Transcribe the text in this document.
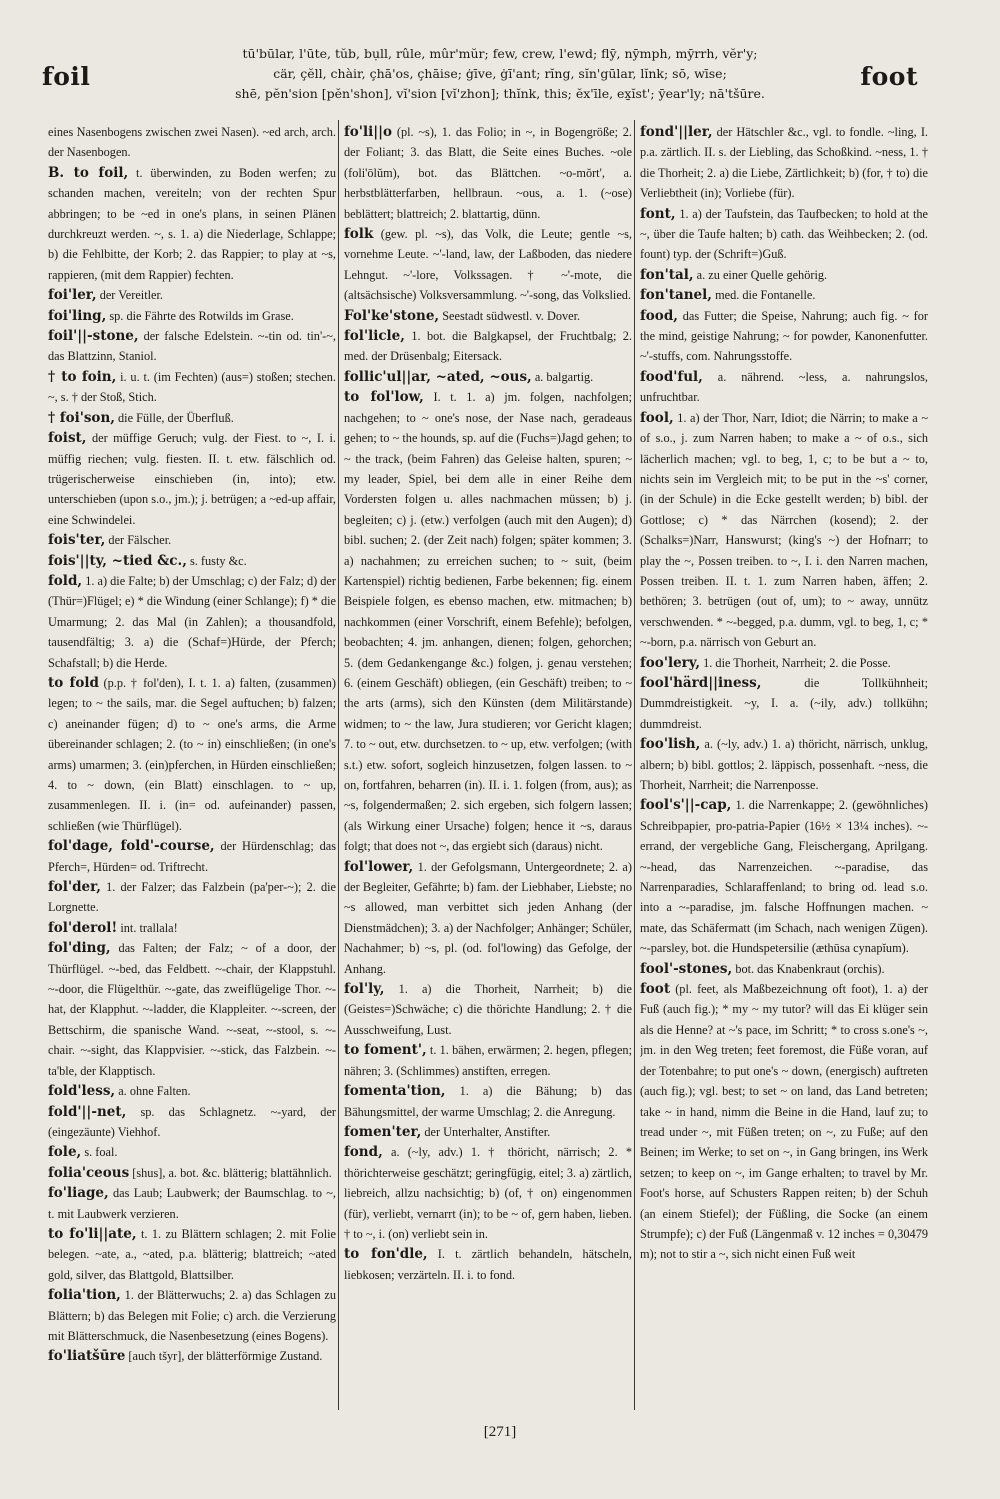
foil
tū'būlar, l'ūte, tŭb, bụll, rûle, mûr'mŭr; few, crew, l'ewd; flȳ, nȳmph, mȳrrh, vĕr'y;
cär, çĕll, chàir, çhā'os, çhāise; ġīve, ġī'ant; rĭng, sĭn'gūlar, lĭnk; sō, wīse;
shē, pĕn'sion [pĕn'shon], vĭ'sion [vĭ'zhon]; thĭnk, this; ĕx'īle, ex̱ĭst'; ȳear'ly; nā'tšūre.
foot

eines Nasenbogens zwischen zwei Nasen). ~ed arch, arch. der Nasenbogen.

B. to foil, t. überwinden, zu Boden werfen; zu schanden machen, vereiteln; von der rechten Spur abbringen; to be ~ed in one's plans, in seinen Plänen durchkreuzt werden. ~, s. 1. a) die Niederlage, Schlappe; b) die Fehlbitte, der Korb; 2. das Rappier; to play at ~s, rappieren, (mit dem Rappier) fechten.

foi'ler, der Vereitler.

foi'ling, sp. die Fährte des Rotwilds im Grase.

foil'||-stone, der falsche Edelstein. ~-tin od. tin'-~, das Blattzinn, Staniol.

† to foin, i. u. t. (im Fechten) (aus=) stoßen; stechen. ~, s. † der Stoß, Stich.

† foi'son, die Fülle, der Überfluß.

foist, der müffige Geruch; vulg. der Fiest. to ~, I. i. müffig riechen; vulg. fiesten. II. t. etw. fälschlich od. trügerischerweise einschieben (in, into); etw. unterschieben (upon s.o., jm.); j. betrügen; a ~ed-up affair, eine Schwindelei.

fois'ter, der Fälscher.

fois'||ty, ~tied &c., s. fusty &c.

fold, 1. a) die Falte; b) der Umschlag; c) der Falz; d) der (Thür=)Flügel; e) * die Windung (einer Schlange); f) * die Umarmung; 2. das Mal (in Zahlen); a thousandfold, tausendfältig; 3. a) die (Schaf=)Hürde, der Pferch; Schafstall; b) die Herde.

to fold (p.p. † fol'den), I. t. 1. a) falten, (zusammen) legen; to ~ the sails, mar. die Segel auftuchen; b) falzen; c) aneinander fügen; d) to ~ one's arms, die Arme übereinander schlagen; 2. (to ~ in) einschließen; (in one's arms) umarmen; 3. (ein)pferchen, in Hürden einschließen; 4. to ~ down, (ein Blatt) einschlagen. to ~ up, zusammenlegen. II. i. (in= od. aufeinander) passen, schließen (wie Thürflügel).

fol'dage, fold'-course, der Hürdenschlag; das Pferch=, Hürden= od. Triftrecht.

fol'der, 1. der Falzer; das Falzbein (pa'per-~); 2. die Lorgnette.

fol'derol! int. trallala!

fol'ding, das Falten; der Falz; ~ of a door, der Thürflügel. ~-bed, das Feldbett. ~-chair, der Klappstuhl. ~-door, die Flügelthür. ~-gate, das zweiflügelige Thor. ~-hat, der Klapphut. ~-ladder, die Klappleiter. ~-screen, der Bettschirm, die spanische Wand. ~-seat, ~-stool, s. ~-chair. ~-sight, das Klappvisier. ~-stick, das Falzbein. ~-ta'ble, der Klapptisch.

fold'less, a. ohne Falten.

fold'||-net, sp. das Schlagnetz. ~-yard, der (eingezäunte) Viehhof.

fole, s. foal.

folia'ceous [shus], a. bot. &c. blätterig; blattähnlich.

fo'liage, das Laub; Laubwerk; der Baumschlag. to ~, t. mit Laubwerk verzieren.

to fo'li||ate, t. 1. zu Blättern schlagen; 2. mit Folie belegen. ~ate, a., ~ated, p.a. blätterig; blattreich; ~ated gold, silver, das Blattgold, Blattsilber.

folia'tion, 1. der Blätterwuchs; 2. a) das Schlagen zu Blättern; b) das Belegen mit Folie; c) arch. die Verzierung mit Blätterschmuck, die Nasenbesetzung (eines Bogens).

fo'liatšūre [auch tšyr], der blätterförmige Zustand.

fo'li||o (pl. ~s), 1. das Folio; in ~, in Bogengröße; 2. der Foliant; 3. das Blatt, die Seite eines Buches. ~ole (foli'ōlŭm), bot. das Blättchen. ~o-mŏrt', a. herbstblätterfarben, hellbraun. ~ous, a. 1. (~ose) beblättert; blattreich; 2. blattartig, dünn.

folk (gew. pl. ~s), das Volk, die Leute; gentle ~s, vornehme Leute. ~'-land, law, der Laßboden, das niedere Lehngut. ~'-lore, Volkssagen. † ~'-mote, die (altsächsische) Volksversammlung. ~'-song, das Volkslied.

Fol'ke'stone, Seestadt südwestl. v. Dover.

fol'licle, 1. bot. die Balgkapsel, der Fruchtbalg; 2. med. der Drüsenbalg; Eitersack.

follic'ul||ar, ~ated, ~ous, a. balgartig.

to fol'low, I. t. 1. a) jm. folgen, nachfolgen; nachgehen; to ~ one's nose, der Nase nach, geradeaus gehen; to ~ the hounds, sp. auf die (Fuchs=)Jagd gehen; to ~ the track, (beim Fahren) das Geleise halten, spuren; ~ my leader, Spiel, bei dem alle in einer Reihe dem Vordersten folgen u. alles nachmachen müssen; b) j. begleiten; c) j. (etw.) verfolgen (auch mit den Augen); d) bibl. suchen; 2. (der Zeit nach) folgen; später kommen; 3. a) nachahmen; zu erreichen suchen; to ~ suit, (beim Kartenspiel) richtig bedienen, Farbe bekennen; fig. einem Beispiele folgen, es ebenso machen, etw. mitmachen; b) nachkommen (einer Vorschrift, einem Befehle); befolgen, beobachten; 4. jm. anhangen, dienen; folgen, gehorchen; 5. (dem Gedankengange &c.) folgen, j. genau verstehen; 6. (einem Geschäft) obliegen, (ein Geschäft) treiben; to ~ the arts (arms), sich den Künsten (dem Militärstande) widmen; to ~ the law, Jura studieren; vor Gericht klagen; 7. to ~ out, etw. durchsetzen. to ~ up, etw. verfolgen; (with s.t.) etw. sofort, sogleich hinzusetzen, folgen lassen. to ~ on, fortfahren, beharren (in). II. i. 1. folgen (from, aus); as ~s, folgendermaßen; 2. sich ergeben, sich folgern lassen; (als Wirkung einer Ursache) folgen; hence it ~s, daraus folgt; that does not ~, das ergiebt sich (daraus) nicht.

fol'lower, 1. der Gefolgsmann, Untergeordnete; 2. a) der Begleiter, Gefährte; b) fam. der Liebhaber, Liebste; no ~s allowed, man verbittet sich jeden Anhang (der Dienstmädchen); 3. a) der Nachfolger; Anhänger; Schüler, Nachahmer; b) ~s, pl. (od. fol'lowing) das Gefolge, der Anhang.

fol'ly, 1. a) die Thorheit, Narrheit; b) die (Geistes=)Schwäche; c) die thörichte Handlung; 2. † die Ausschweifung, Lust.

to foment', t. 1. bähen, erwärmen; 2. hegen, pflegen; nähren; 3. (Schlimmes) anstiften, erregen.

fomenta'tion, 1. a) die Bähung; b) das Bähungsmittel, der warme Umschlag; 2. die Anregung.

fomen'ter, der Unterhalter, Anstifter.

fond, a. (~ly, adv.) 1. † thöricht, närrisch; 2. * thörichterweise geschätzt; geringfügig, eitel; 3. a) zärtlich, liebreich, allzu nachsichtig; b) (of, † on) eingenommen (für), verliebt, vernarrt (in); to be ~ of, gern haben, lieben. † to ~, i. (on) verliebt sein in.

to fon'dle, I. t. zärtlich behandeln, hätscheln, liebkosen; verzärteln. II. i. to fond.

fond'||ler, der Hätschler &c., vgl. to fondle. ~ling, I. p.a. zärtlich. II. s. der Liebling, das Schoßkind. ~ness, 1. † die Thorheit; 2. a) die Liebe, Zärtlichkeit; b) (for, † to) die Verliebtheit (in); Vorliebe (für).

font, 1. a) der Taufstein, das Taufbecken; to hold at the ~, über die Taufe halten; b) cath. das Weihbecken; 2. (od. fount) typ. der (Schrift=)Guß.

fon'tal, a. zu einer Quelle gehörig.

fon'tanel, med. die Fontanelle.

food, das Futter; die Speise, Nahrung; auch fig. ~ for the mind, geistige Nahrung; ~ for powder, Kanonenfutter. ~'-stuffs, com. Nahrungsstoffe.

food'ful, a. nährend. ~less, a. nahrungslos, unfruchtbar.

fool, 1. a) der Thor, Narr, Idiot; die Närrin; to make a ~ of s.o., j. zum Narren haben; to make a ~ of o.s., sich lächerlich machen; vgl. to beg, 1, c; to be but a ~ to, nichts sein im Vergleich mit; to be put in the ~s' corner, (in der Schule) in die Ecke gestellt werden; b) bibl. der Gottlose; c) * das Närrchen (kosend); 2. der (Schalks=)Narr, Hanswurst; (king's ~) der Hofnarr; to play the ~, Possen treiben. to ~, I. i. den Narren machen, Possen treiben. II. t. 1. zum Narren haben, äffen; 2. bethören; 3. betrügen (out of, um); to ~ away, unnütz verschwenden. * ~-begged, p.a. dumm, vgl. to beg, 1, c; * ~-born, p.a. närrisch von Geburt an.

foo'lery, 1. die Thorheit, Narrheit; 2. die Posse.

fool'härd||iness,	die Tollkühnheit; Dummdreistigkeit. ~y, I. a. (~ily, adv.) tollkühn; dummdreist.

foo'lish, a. (~ly, adv.) 1. a) thöricht, närrisch, unklug, albern; b) bibl. gottlos; 2. läppisch, possenhaft. ~ness, die Thorheit, Narrheit; die Narrenposse.

fool's'||-cap, 1. die Narrenkappe; 2. (gewöhnliches) Schreibpapier, pro-patria-Papier (16½ × 13¼ inches). ~-errand, der vergebliche Gang, Fleischergang, Aprilgang. ~-head, das Narrenzeichen. ~-paradise, das Narrenparadies, Schlaraffenland; to bring od. lead s.o. into a ~-paradise, jm. falsche Hoffnungen machen. ~ mate, das Schäfermatt (im Schach, nach wenigen Zügen). ~-parsley, bot. die Hundspetersilie (æthūsa cynapĭum).

fool'-stones, bot. das Knabenkraut (orchis).

foot (pl. feet, als Maßbezeichnung oft foot), 1. a) der Fuß (auch fig.); * my ~ my tutor? will das Ei klüger sein als die Henne? at ~'s pace, im Schritt; * to cross s.one's ~, jm. in den Weg treten; feet foremost, die Füße voran, auf der Totenbahre; to put one's ~ down, (energisch) auftreten (auch fig.); vgl. best; to set ~ on land, das Land betreten; take ~ in hand, nimm die Beine in die Hand, lauf zu; to tread under ~, mit Füßen treten; on ~, zu Fuße; auf den Beinen; im Werke; to set on ~, in Gang bringen, ins Werk setzen; to keep on ~, im Gange erhalten; to travel by Mr. Foot's horse, auf Schusters Rappen reiten; b) der Schuh (an einem Stiefel); der Füßling, die Socke (an einem Strumpfe); c) der Fuß (Längenmaß v. 12 inches = 0,30479 m); not to stir a ~, sich nicht einen Fuß weit

[271]
